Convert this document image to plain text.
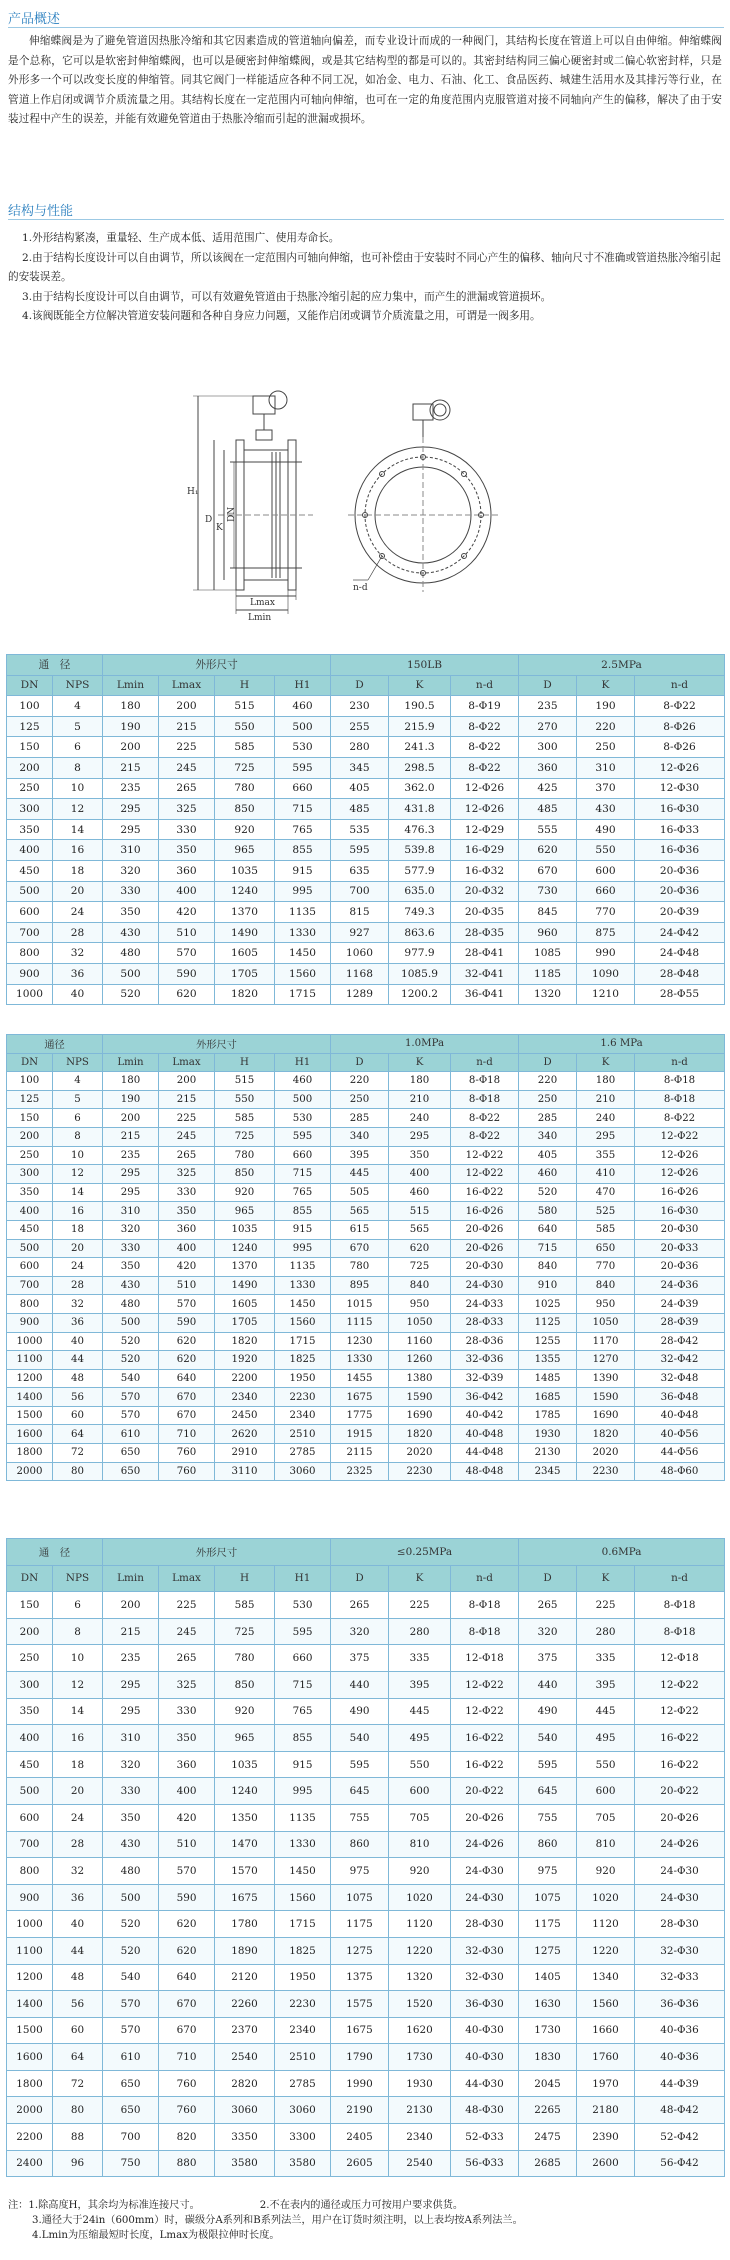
产品概述

伸缩蝶阀是为了避免管道因热胀冷缩和其它因素造成的管道轴向偏差，而专业设计而成的一种阀门，其结构长度在管道上可以自由伸缩。伸缩蝶阀是个总称，它可以是软密封伸缩蝶阀，也可以是硬密封伸缩蝶阀，或是其它结构型的都是可以的。其密封结构同三偏心硬密封或二偏心软密封样，只是外形多一个可以改变长度的伸缩管。同其它阀门一样能适应各种不同工况，如冶金、电力、石油、化工、食品医药、城建生活用水及其排污等行业，在管道上作启闭或调节介质流量之用。其结构长度在一定范围内可轴向伸缩，也可在一定的角度范围内克服管道对接不同轴向产生的偏移，解决了由于安装过程中产生的误差，并能有效避免管道由于热胀冷缩而引起的泄漏或损坏。

结构与性能
1.外形结构紧凑，重量轻、生产成本低、适用范围广、使用寿命长。
2.由于结构长度设计可以自由调节，所以该阀在一定范围内可轴向伸缩，也可补偿由于安装时不同心产生的偏移、轴向尺寸不准确或管道热胀冷缩引起的安装误差。
3.由于结构长度设计可以自由调节，可以有效避免管道由于热胀冷缩引起的应力集中，而产生的泄漏或管道损坏。
4.该阀既能全方位解决管道安装问题和各种自身应力问题，又能作启闭或调节介质流量之用，可谓是一阀多用。
H₁
D
K
DN
Lmax
Lmin
n-d
通　径		外形尺寸				150LB			2.5MPa		
DN	NPS	Lmin	Lmax	H	H1	D	K	n-d	D	K	n-d
100	4	180	200	515	460	230	190.5	8-Φ19	235	190	8-Φ22
125	5	190	215	550	500	255	215.9	8-Φ22	270	220	8-Φ26
150	6	200	225	585	530	280	241.3	8-Φ22	300	250	8-Φ26
200	8	215	245	725	595	345	298.5	8-Φ22	360	310	12-Φ26
250	10	235	265	780	660	405	362.0	12-Φ26	425	370	12-Φ30
300	12	295	325	850	715	485	431.8	12-Φ26	485	430	16-Φ30
350	14	295	330	920	765	535	476.3	12-Φ29	555	490	16-Φ33
400	16	310	350	965	855	595	539.8	16-Φ29	620	550	16-Φ36
450	18	320	360	1035	915	635	577.9	16-Φ32	670	600	20-Φ36
500	20	330	400	1240	995	700	635.0	20-Φ32	730	660	20-Φ36
600	24	350	420	1370	1135	815	749.3	20-Φ35	845	770	20-Φ39
700	28	430	510	1490	1330	927	863.6	28-Φ35	960	875	24-Φ42
800	32	480	570	1605	1450	1060	977.9	28-Φ41	1085	990	24-Φ48
900	36	500	590	1705	1560	1168	1085.9	32-Φ41	1185	1090	28-Φ48
1000	40	520	620	1820	1715	1289	1200.2	36-Φ41	1320	1210	28-Φ55
通径		外形尺寸				1.0MPa			1.6 MPa		
DN	NPS	Lmin	Lmax	H	H1	D	K	n-d	D	K	n-d
100	4	180	200	515	460	220	180	8-Φ18	220	180	8-Φ18
125	5	190	215	550	500	250	210	8-Φ18	250	210	8-Φ18
150	6	200	225	585	530	285	240	8-Φ22	285	240	8-Φ22
200	8	215	245	725	595	340	295	8-Φ22	340	295	12-Φ22
250	10	235	265	780	660	395	350	12-Φ22	405	355	12-Φ26
300	12	295	325	850	715	445	400	12-Φ22	460	410	12-Φ26
350	14	295	330	920	765	505	460	16-Φ22	520	470	16-Φ26
400	16	310	350	965	855	565	515	16-Φ26	580	525	16-Φ30
450	18	320	360	1035	915	615	565	20-Φ26	640	585	20-Φ30
500	20	330	400	1240	995	670	620	20-Φ26	715	650	20-Φ33
600	24	350	420	1370	1135	780	725	20-Φ30	840	770	20-Φ36
700	28	430	510	1490	1330	895	840	24-Φ30	910	840	24-Φ36
800	32	480	570	1605	1450	1015	950	24-Φ33	1025	950	24-Φ39
900	36	500	590	1705	1560	1115	1050	28-Φ33	1125	1050	28-Φ39
1000	40	520	620	1820	1715	1230	1160	28-Φ36	1255	1170	28-Φ42
1100	44	520	620	1920	1825	1330	1260	32-Φ36	1355	1270	32-Φ42
1200	48	540	640	2200	1950	1455	1380	32-Φ39	1485	1390	32-Φ48
1400	56	570	670	2340	2230	1675	1590	36-Φ42	1685	1590	36-Φ48
1500	60	570	670	2450	2340	1775	1690	40-Φ42	1785	1690	40-Φ48
1600	64	610	710	2620	2510	1915	1820	40-Φ48	1930	1820	40-Φ56
1800	72	650	760	2910	2785	2115	2020	44-Φ48	2130	2020	44-Φ56
2000	80	650	760	3110	3060	2325	2230	48-Φ48	2345	2230	48-Φ60
通　径		外形尺寸				≤0.25MPa			0.6MPa		
DN	NPS	Lmin	Lmax	H	H1	D	K	n-d	D	K	n-d
150	6	200	225	585	530	265	225	8-Φ18	265	225	8-Φ18
200	8	215	245	725	595	320	280	8-Φ18	320	280	8-Φ18
250	10	235	265	780	660	375	335	12-Φ18	375	335	12-Φ18
300	12	295	325	850	715	440	395	12-Φ22	440	395	12-Φ22
350	14	295	330	920	765	490	445	12-Φ22	490	445	12-Φ22
400	16	310	350	965	855	540	495	16-Φ22	540	495	16-Φ22
450	18	320	360	1035	915	595	550	16-Φ22	595	550	16-Φ22
500	20	330	400	1240	995	645	600	20-Φ22	645	600	20-Φ22
600	24	350	420	1350	1135	755	705	20-Φ26	755	705	20-Φ26
700	28	430	510	1470	1330	860	810	24-Φ26	860	810	24-Φ26
800	32	480	570	1570	1450	975	920	24-Φ30	975	920	24-Φ30
900	36	500	590	1675	1560	1075	1020	24-Φ30	1075	1020	24-Φ30
1000	40	520	620	1780	1715	1175	1120	28-Φ30	1175	1120	28-Φ30
1100	44	520	620	1890	1825	1275	1220	32-Φ30	1275	1220	32-Φ30
1200	48	540	640	2120	1950	1375	1320	32-Φ30	1405	1340	32-Φ33
1400	56	570	670	2260	2230	1575	1520	36-Φ30	1630	1560	36-Φ36
1500	60	570	670	2370	2340	1675	1620	40-Φ30	1730	1660	40-Φ36
1600	64	610	710	2540	2510	1790	1730	40-Φ30	1830	1760	40-Φ36
1800	72	650	760	2820	2785	1990	1930	44-Φ30	2045	1970	44-Φ39
2000	80	650	760	3060	3060	2190	2130	48-Φ30	2265	2180	48-Φ42
2200	88	700	820	3350	3300	2405	2340	52-Φ33	2475	2390	52-Φ42
2400	96	750	880	3580	3580	2605	2540	56-Φ33	2685	2600	56-Φ42
注：1.除高度H，其余均为标准连接尺寸。	2.不在表内的通径或压力可按用户要求供货。
3.通径大于24in（600mm）时，碳级分A系列和B系列法兰，用户在订货时须注明，以上表均按A系列法兰。
4.Lmin为压缩最短时长度，Lmax为极限拉伸时长度。
